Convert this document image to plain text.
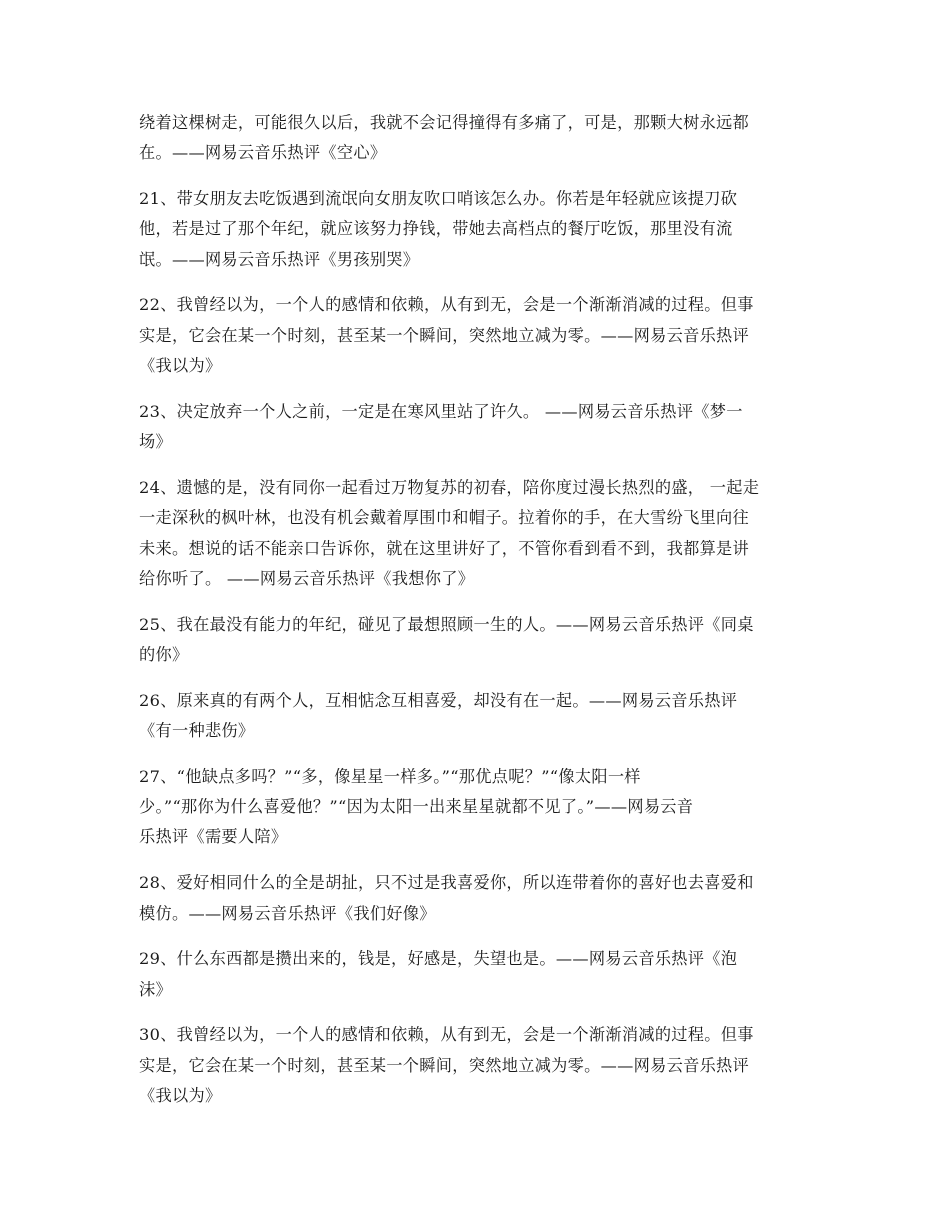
绕着这棵树走，可能很久以后，我就不会记得撞得有多痛了，可是，那颗大树永远都
在。——网易云音乐热评《空心》

21、带女朋友去吃饭遇到流氓向女朋友吹口哨该怎么办。你若是年轻就应该提刀砍
他，若是过了那个年纪，就应该努力挣钱，带她去高档点的餐厅吃饭，那里没有流
氓。——网易云音乐热评《男孩别哭》

22、我曾经以为，一个人的感情和依赖，从有到无，会是一个渐渐消减的过程。但事
实是，它会在某一个时刻，甚至某一个瞬间，突然地立减为零。——网易云音乐热评
《我以为》

23、决定放弃一个人之前，一定是在寒风里站了许久。 ——网易云音乐热评《梦一
场》

24、遗憾的是，没有同你一起看过万物复苏的初春，陪你度过漫长热烈的盛， 一起走
一走深秋的枫叶林，也没有机会戴着厚围巾和帽子。拉着你的手，在大雪纷飞里向往
未来。想说的话不能亲口告诉你，就在这里讲好了，不管你看到看不到，我都算是讲
给你听了。 ——网易云音乐热评《我想你了》

25、我在最没有能力的年纪，碰见了最想照顾一生的人。——网易云音乐热评《同桌
的你》

26、原来真的有两个人，互相惦念互相喜爱，却没有在一起。——网易云音乐热评
《有一种悲伤》

27、“他缺点多吗？”“多，像星星一样多。”“那优点呢？”“像太阳一样
少。”“那你为什么喜爱他？”“因为太阳一出来星星就都不见了。”——网易云音
乐热评《需要人陪》

28、爱好相同什么的全是胡扯，只不过是我喜爱你，所以连带着你的喜好也去喜爱和
模仿。——网易云音乐热评《我们好像》

29、什么东西都是攒出来的，钱是，好感是，失望也是。——网易云音乐热评《泡
沫》

30、我曾经以为，一个人的感情和依赖，从有到无，会是一个渐渐消减的过程。但事
实是，它会在某一个时刻，甚至某一个瞬间，突然地立减为零。——网易云音乐热评
《我以为》
